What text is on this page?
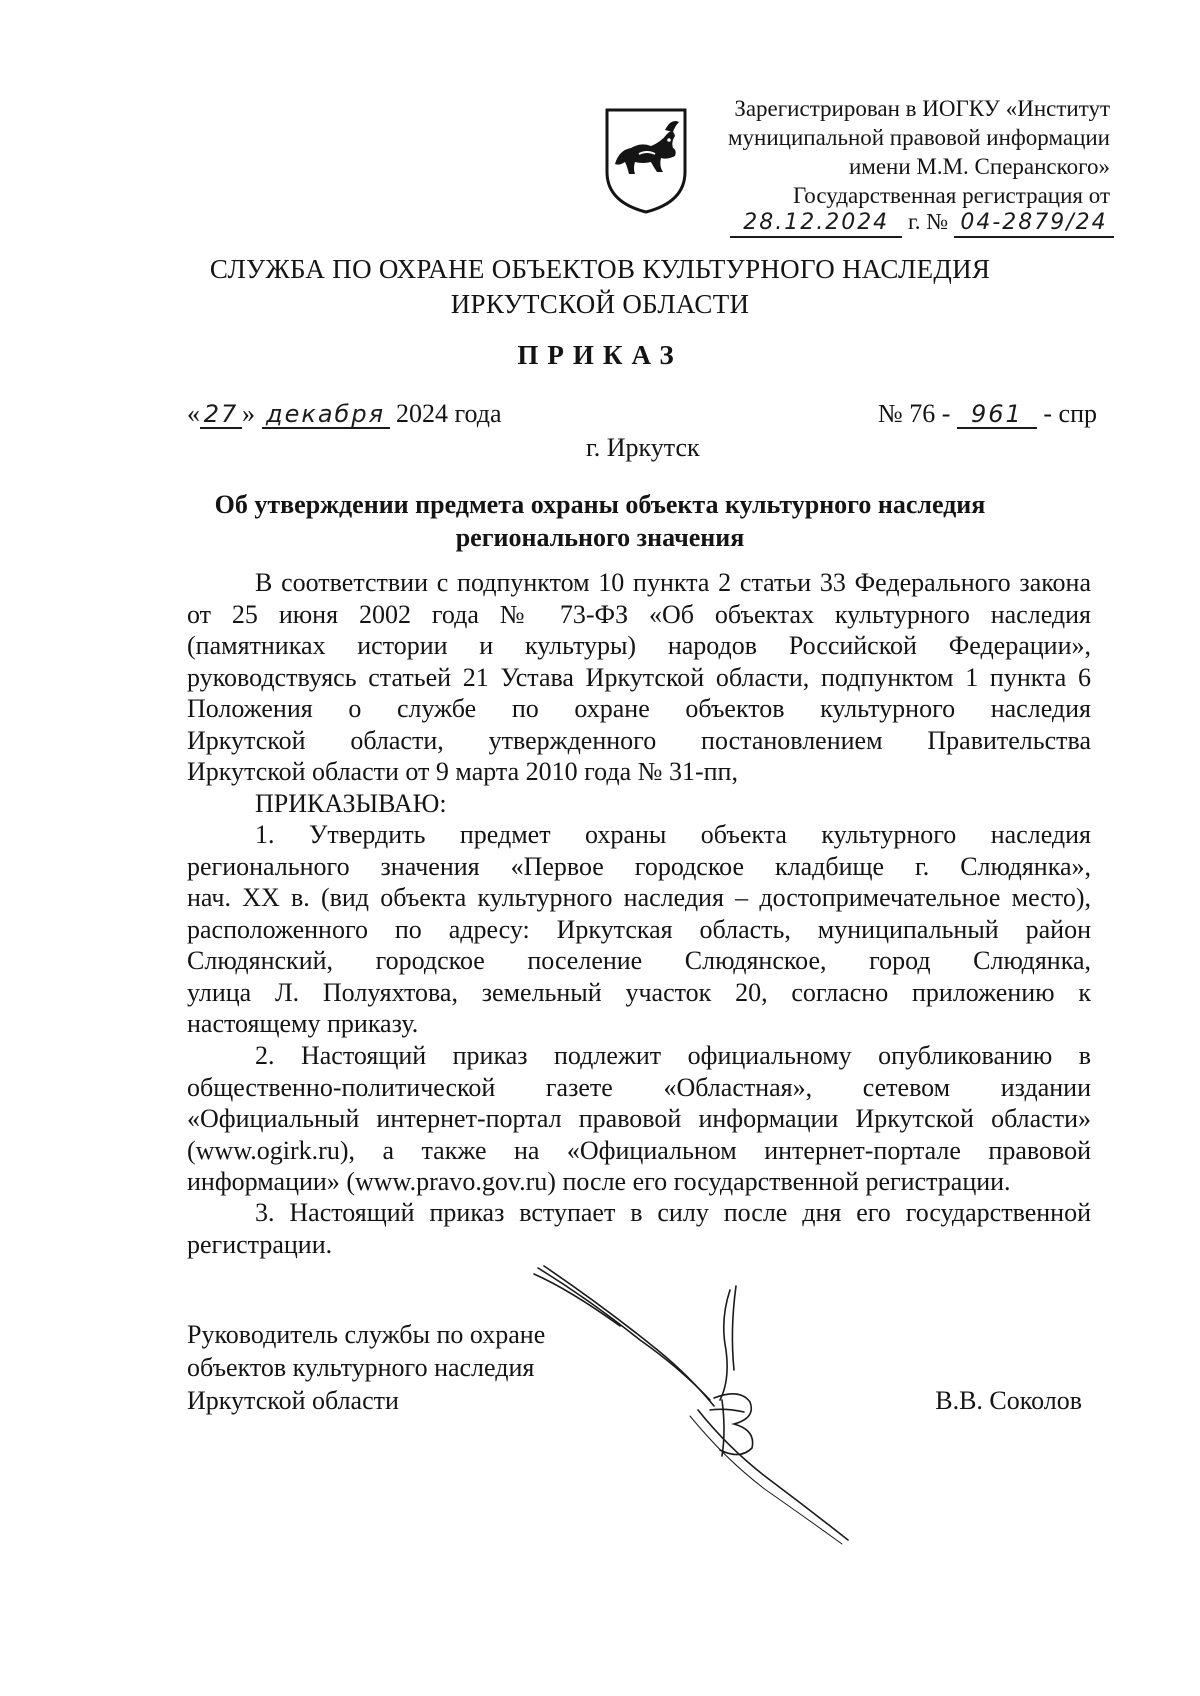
Зарегистрирован в ИОГКУ «Институт
муниципальной правовой информации
имени М.М. Сперанского»
Государственная регистрация от
28.12.2024 г. № 04-2879/24
СЛУЖБА ПО ОХРАНЕ ОБЪЕКТОВ КУЛЬТУРНОГО НАСЛЕДИЯ
ИРКУТСКОЙ ОБЛАСТИ
ПРИКАЗ
« 27 » декабря 2024 года	№ 76 - 961 - спр
г. Иркутск
Об утверждении предмета охраны объекта культурного наследия
регионального значения
В соответствии с подпунктом 10 пункта 2 статьи 33 Федерального закона
от 25 июня 2002 года № 73-ФЗ «Об объектах культурного наследия
(памятниках истории и культуры) народов Российской Федерации»,
руководствуясь статьей 21 Устава Иркутской области, подпунктом 1 пункта 6
Положения о службе по охране объектов культурного наследия
Иркутской области, утвержденного постановлением Правительства
Иркутской области от 9 марта 2010 года № 31-пп,
ПРИКАЗЫВАЮ:
1. Утвердить предмет охраны объекта культурного наследия
регионального значения «Первое городское кладбище г. Слюдянка»,
нач. XX в. (вид объекта культурного наследия – достопримечательное место),
расположенного по адресу: Иркутская область, муниципальный район
Слюдянский, городское поселение Слюдянское, город Слюдянка,
улица Л. Полуяхтова, земельный участок 20, согласно приложению к
настоящему приказу.
2. Настоящий приказ подлежит официальному опубликованию в
общественно-политической газете «Областная», сетевом издании
«Официальный интернет-портал правовой информации Иркутской области»
(www.ogirk.ru), а также на «Официальном интернет-портале правовой
информации» (www.pravo.gov.ru) после его государственной регистрации.
3. Настоящий приказ вступает в силу после дня его государственной
регистрации.
Руководитель службы по охране
объектов культурного наследия
Иркутской области	В.В. Соколов
